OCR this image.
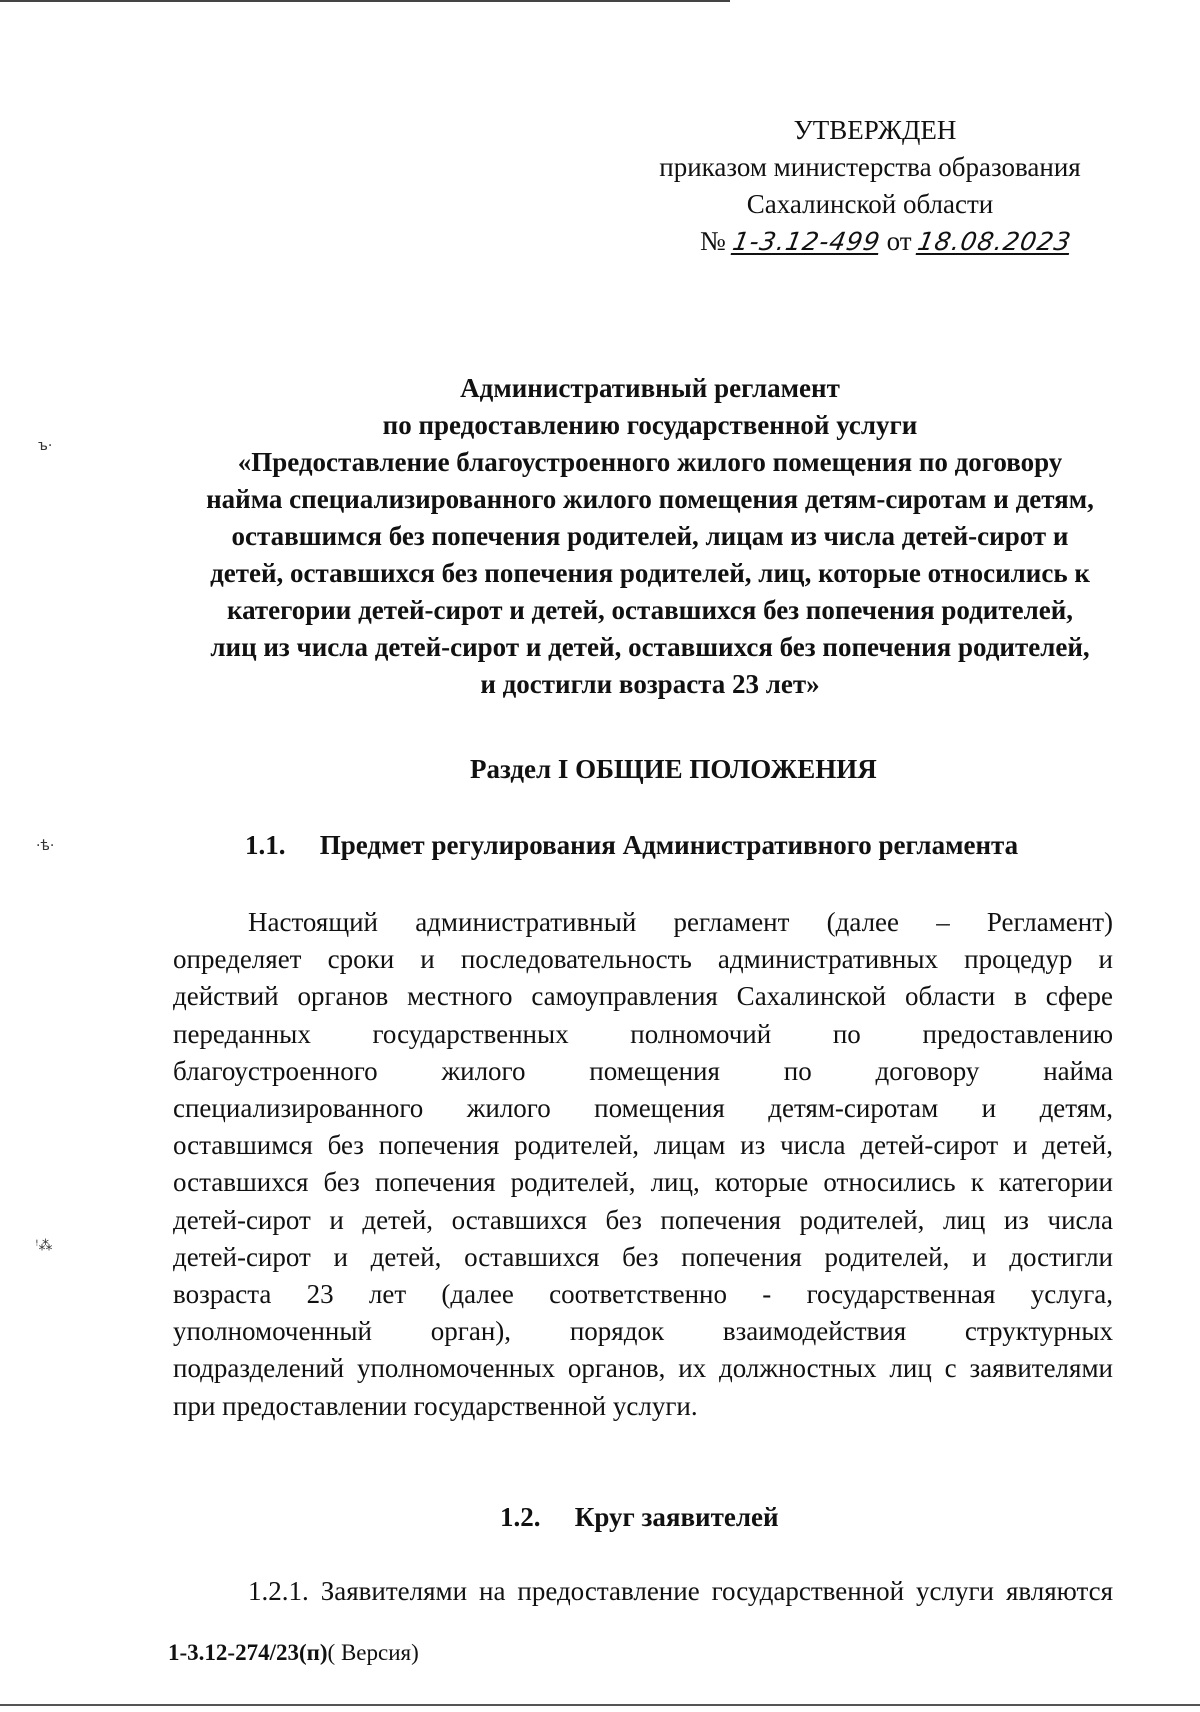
УТВЕРЖДЕН
приказом министерства образования
Сахалинской области
№ 1-3.12-499 от 18.08.2023
Административный регламент
по предоставлению государственной услуги
«Предоставление благоустроенного жилого помещения по договору
найма специализированного жилого помещения детям-сиротам и детям,
оставшимся без попечения родителей, лицам из числа детей-сирот и
детей, оставшихся без попечения родителей, лиц, которые относились к
категории детей-сирот и детей, оставшихся без попечения родителей,
лиц из числа детей-сирот и детей, оставшихся без попечения родителей,
и достигли возраста 23 лет»
Раздел I ОБЩИЕ ПОЛОЖЕНИЯ
1.1. Предмет регулирования Административного регламента
Настоящий административный регламент (далее – Регламент)
определяет сроки и последовательность административных процедур и
действий органов местного самоуправления Сахалинской области в сфере
переданных государственных полномочий по предоставлению
благоустроенного жилого помещения по договору найма
специализированного жилого помещения детям-сиротам и детям,
оставшимся без попечения родителей, лицам из числа детей-сирот и детей,
оставшихся без попечения родителей, лиц, которые относились к категории
детей-сирот и детей, оставшихся без попечения родителей, лиц из числа
детей-сирот и детей, оставшихся без попечения родителей, и достигли
возраста 23 лет (далее соответственно - государственная услуга,
уполномоченный орган), порядок взаимодействия структурных
подразделений уполномоченных органов, их должностных лиц с заявителями
при предоставлении государственной услуги.
1.2. Круг заявителей
1.2.1. Заявителями на предоставление государственной услуги являются
1-3.12-274/23(п)( Версия)
ъ·
·ѣ·
ꜝ⁂
